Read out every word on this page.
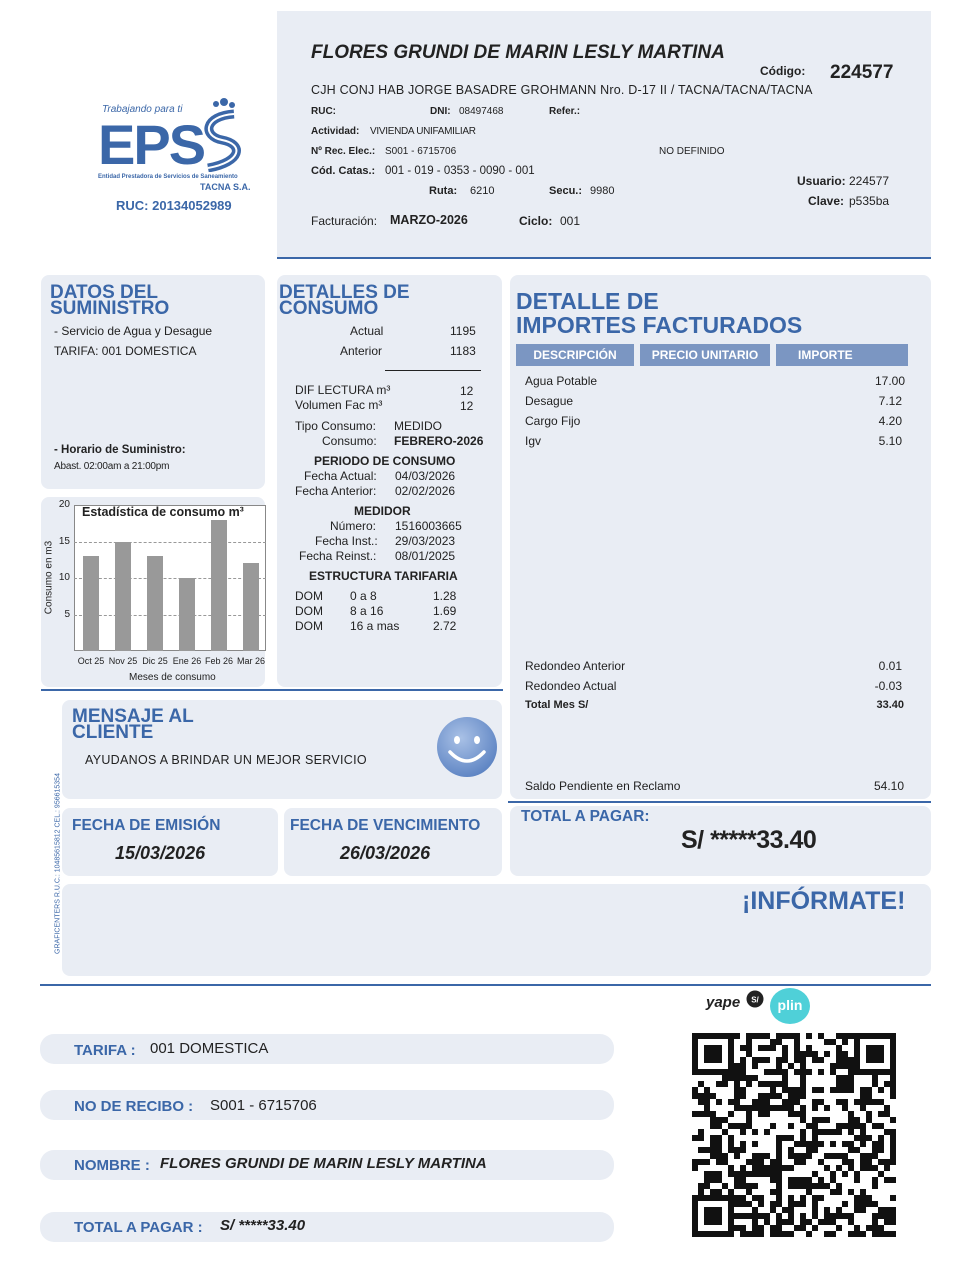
Trabajando para ti
EPS
Entidad Prestadora de Servicios de Saneamiento
TACNA S.A.
RUC: 20134052989
FLORES GRUNDI DE MARIN LESLY MARTINA
Código: 224577
CJH CONJ HAB JORGE BASADRE GROHMANN Nro. D-17 II / TACNA/TACNA/TACNA
RUC:	DNI: 08497468	Refer.:
Actividad: VIVIENDA UNIFAMILIAR
Nº Rec. Elec.: S001 - 6715706	NO DEFINIDO
Cód. Catas.: 001 - 019 - 0353 - 0090 - 001
Ruta: 6210	Secu.: 9980
Usuario: 224577
Clave: p535ba
Facturación: MARZO-2026	Ciclo: 001
DATOS DEL
SUMINISTRO
- Servicio de Agua y Desague
TARIFA: 001 DOMESTICA
- Horario de Suministro:
Abast. 02:00am a 21:00pm
Estadística de consumo m³
Consumo en m3
Meses de consumo
5
10
15
20
Oct 25 Nov 25 Dic 25 Ene 26 Feb 26 Mar 26
DETALLES DE
CONSUMO
Actual	1195
Anterior	1183
DIF LECTURA m³	12
Volumen Fac m³	12
Tipo Consumo: MEDIDO
Consumo: FEBRERO-2026
PERIODO DE CONSUMO
Fecha Actual: 04/03/2026
Fecha Anterior: 02/02/2026
MEDIDOR
Número: 1516003665
Fecha Inst.: 29/03/2023
Fecha Reinst.: 08/01/2025
ESTRUCTURA TARIFARIA
DOM 0 a 8	1.28
DOM 8 a 16	1.69
DOM 16 a mas	2.72
DETALLE DE
IMPORTES FACTURADOS
DESCRIPCIÓN	PRECIO UNITARIO	IMPORTE
Agua Potable	17.00
Desague	7.12
Cargo Fijo	4.20
Igv	5.10
Redondeo Anterior	0.01
Redondeo Actual	-0.03
Total Mes S/	33.40
Saldo Pendiente en Reclamo	54.10
MENSAJE AL
CLIENTE
AYUDANOS A BRINDAR UN MEJOR SERVICIO
GRAFICENTERS R.U.C.: 10485615812 CEL.: 956615354 FECHA DE EMISIÓN
15/03/2026
FECHA DE VENCIMIENTO
26/03/2026
TOTAL A PAGAR:
S/ *****33.40
¡INFÓRMATE!
TARIFA : 001 DOMESTICA
NO DE RECIBO : S001 - 6715706
NOMBRE : FLORES GRUNDI DE MARIN LESLY MARTINA
TOTAL A PAGAR : S/ *****33.40
yape S/	plin
